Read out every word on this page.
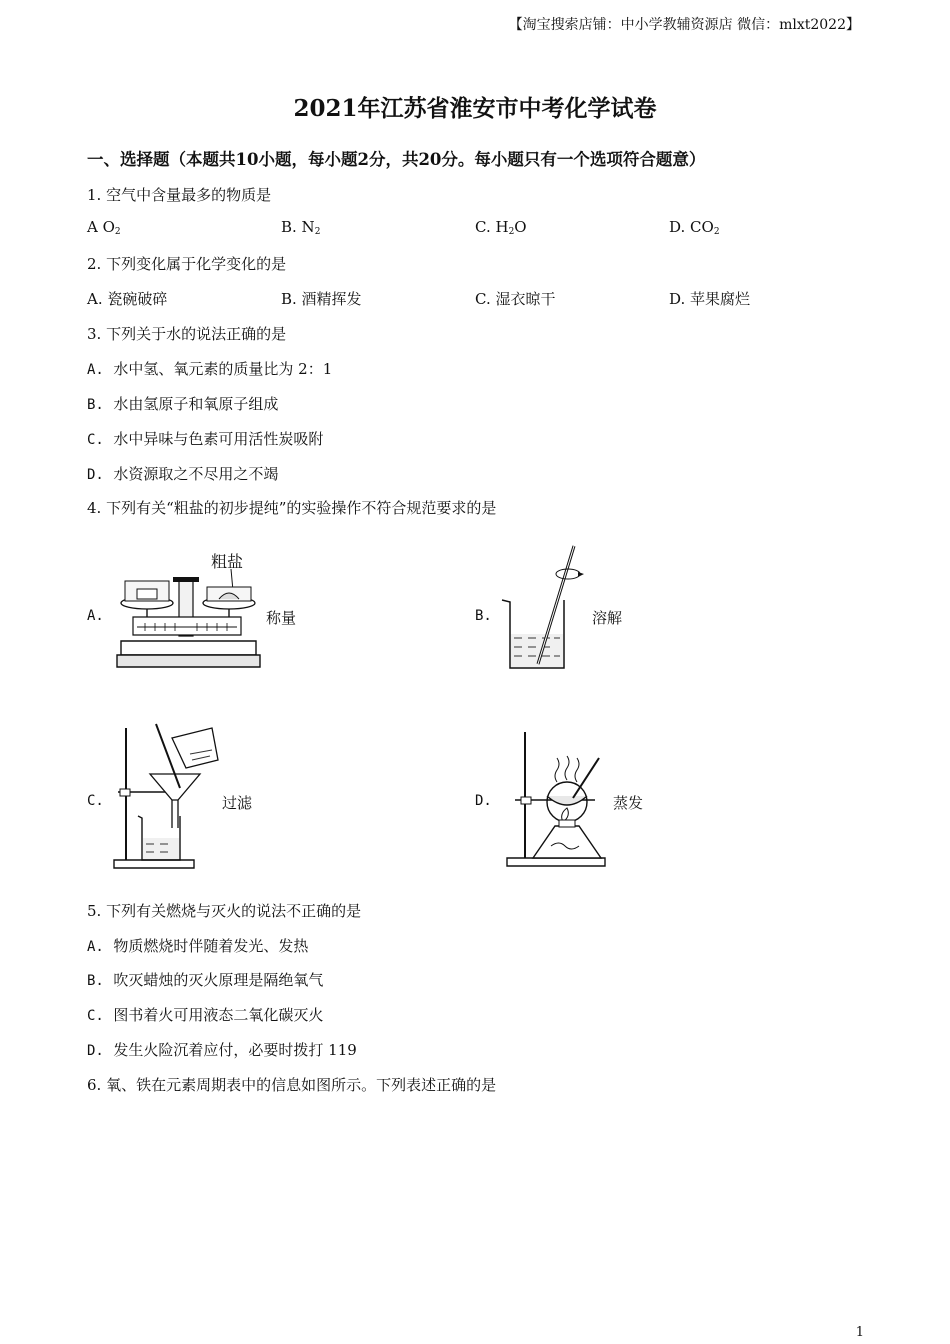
【淘宝搜索店铺：中小学教辅资源店 微信：mlxt2022】
2021年江苏省淮安市中考化学试卷
一、选择题（本题共10小题，每小题2分，共20分。每小题只有一个选项符合题意）
1. 空气中含量最多的物质是
A $O_2$	B. $N_2$	C. $H_2O$	D. $CO_2$
2. 下列变化属于化学变化的是
A. 瓷碗破碎	B. 酒精挥发	C. 湿衣晾干	D. 苹果腐烂
3. 下列关于水的说法正确的是
A. 水中氢、氧元素的质量比为 2：1
B. 水由氢原子和氧原子组成
C. 水中异味与色素可用活性炭吸附
D. 水资源取之不尽用之不竭
4. 下列有关“粗盐的初步提纯”的实验操作不符合规范要求的是
A.
粗盐
称量	B.	溶解
C.	过滤	D.	蒸发
5. 下列有关燃烧与灭火的说法不正确的是
A. 物质燃烧时伴随着发光、发热
B. 吹灭蜡烛的灭火原理是隔绝氧气
C. 图书着火可用液态二氧化碳灭火
D. 发生火险沉着应付，必要时拨打 119
6. 氧、铁在元素周期表中的信息如图所示。下列表述正确的是
1
